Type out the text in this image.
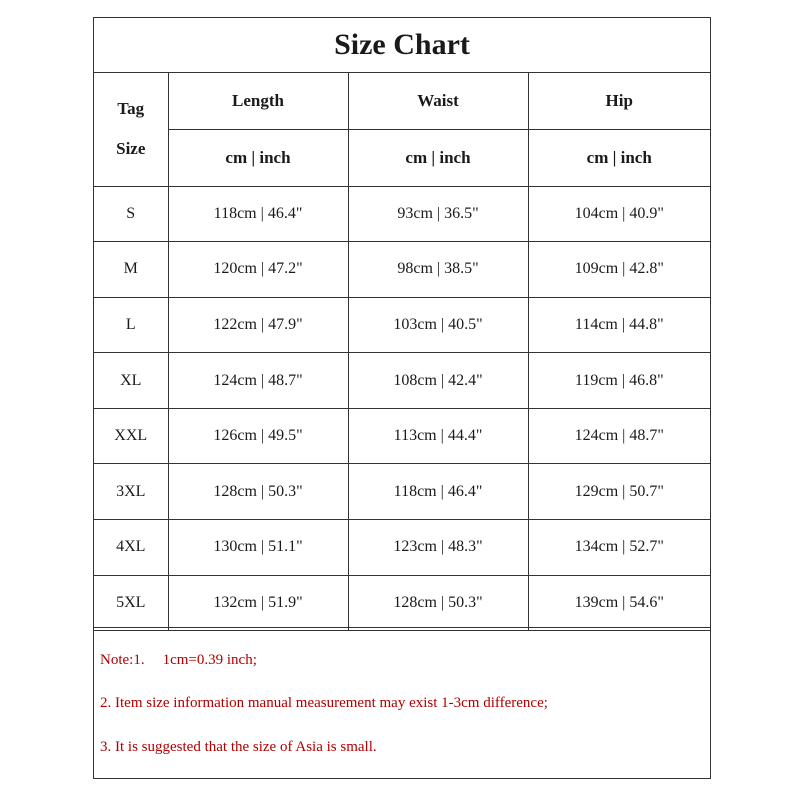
Size Chart
Tag
Size	Length	Waist	Hip
	cm | inch	cm | inch	cm | inch
S	118cm | 46.4"	93cm | 36.5"	104cm | 40.9"
M	120cm | 47.2"	98cm | 38.5"	109cm | 42.8"
L	122cm | 47.9"	103cm | 40.5"	114cm | 44.8"
XL	124cm | 48.7"	108cm | 42.4"	119cm | 46.8"
XXL	126cm | 49.5"	113cm | 44.4"	124cm | 48.7"
3XL	128cm | 50.3"	118cm | 46.4"	129cm | 50.7"
4XL	130cm | 51.1"	123cm | 48.3"	134cm | 52.7"
5XL	132cm | 51.9"	128cm | 50.3"	139cm | 54.6"
Note:1. 1cm=0.39 inch;
2. Item size information manual measurement may exist 1-3cm difference;
3. It is suggested that the size of Asia is small.
